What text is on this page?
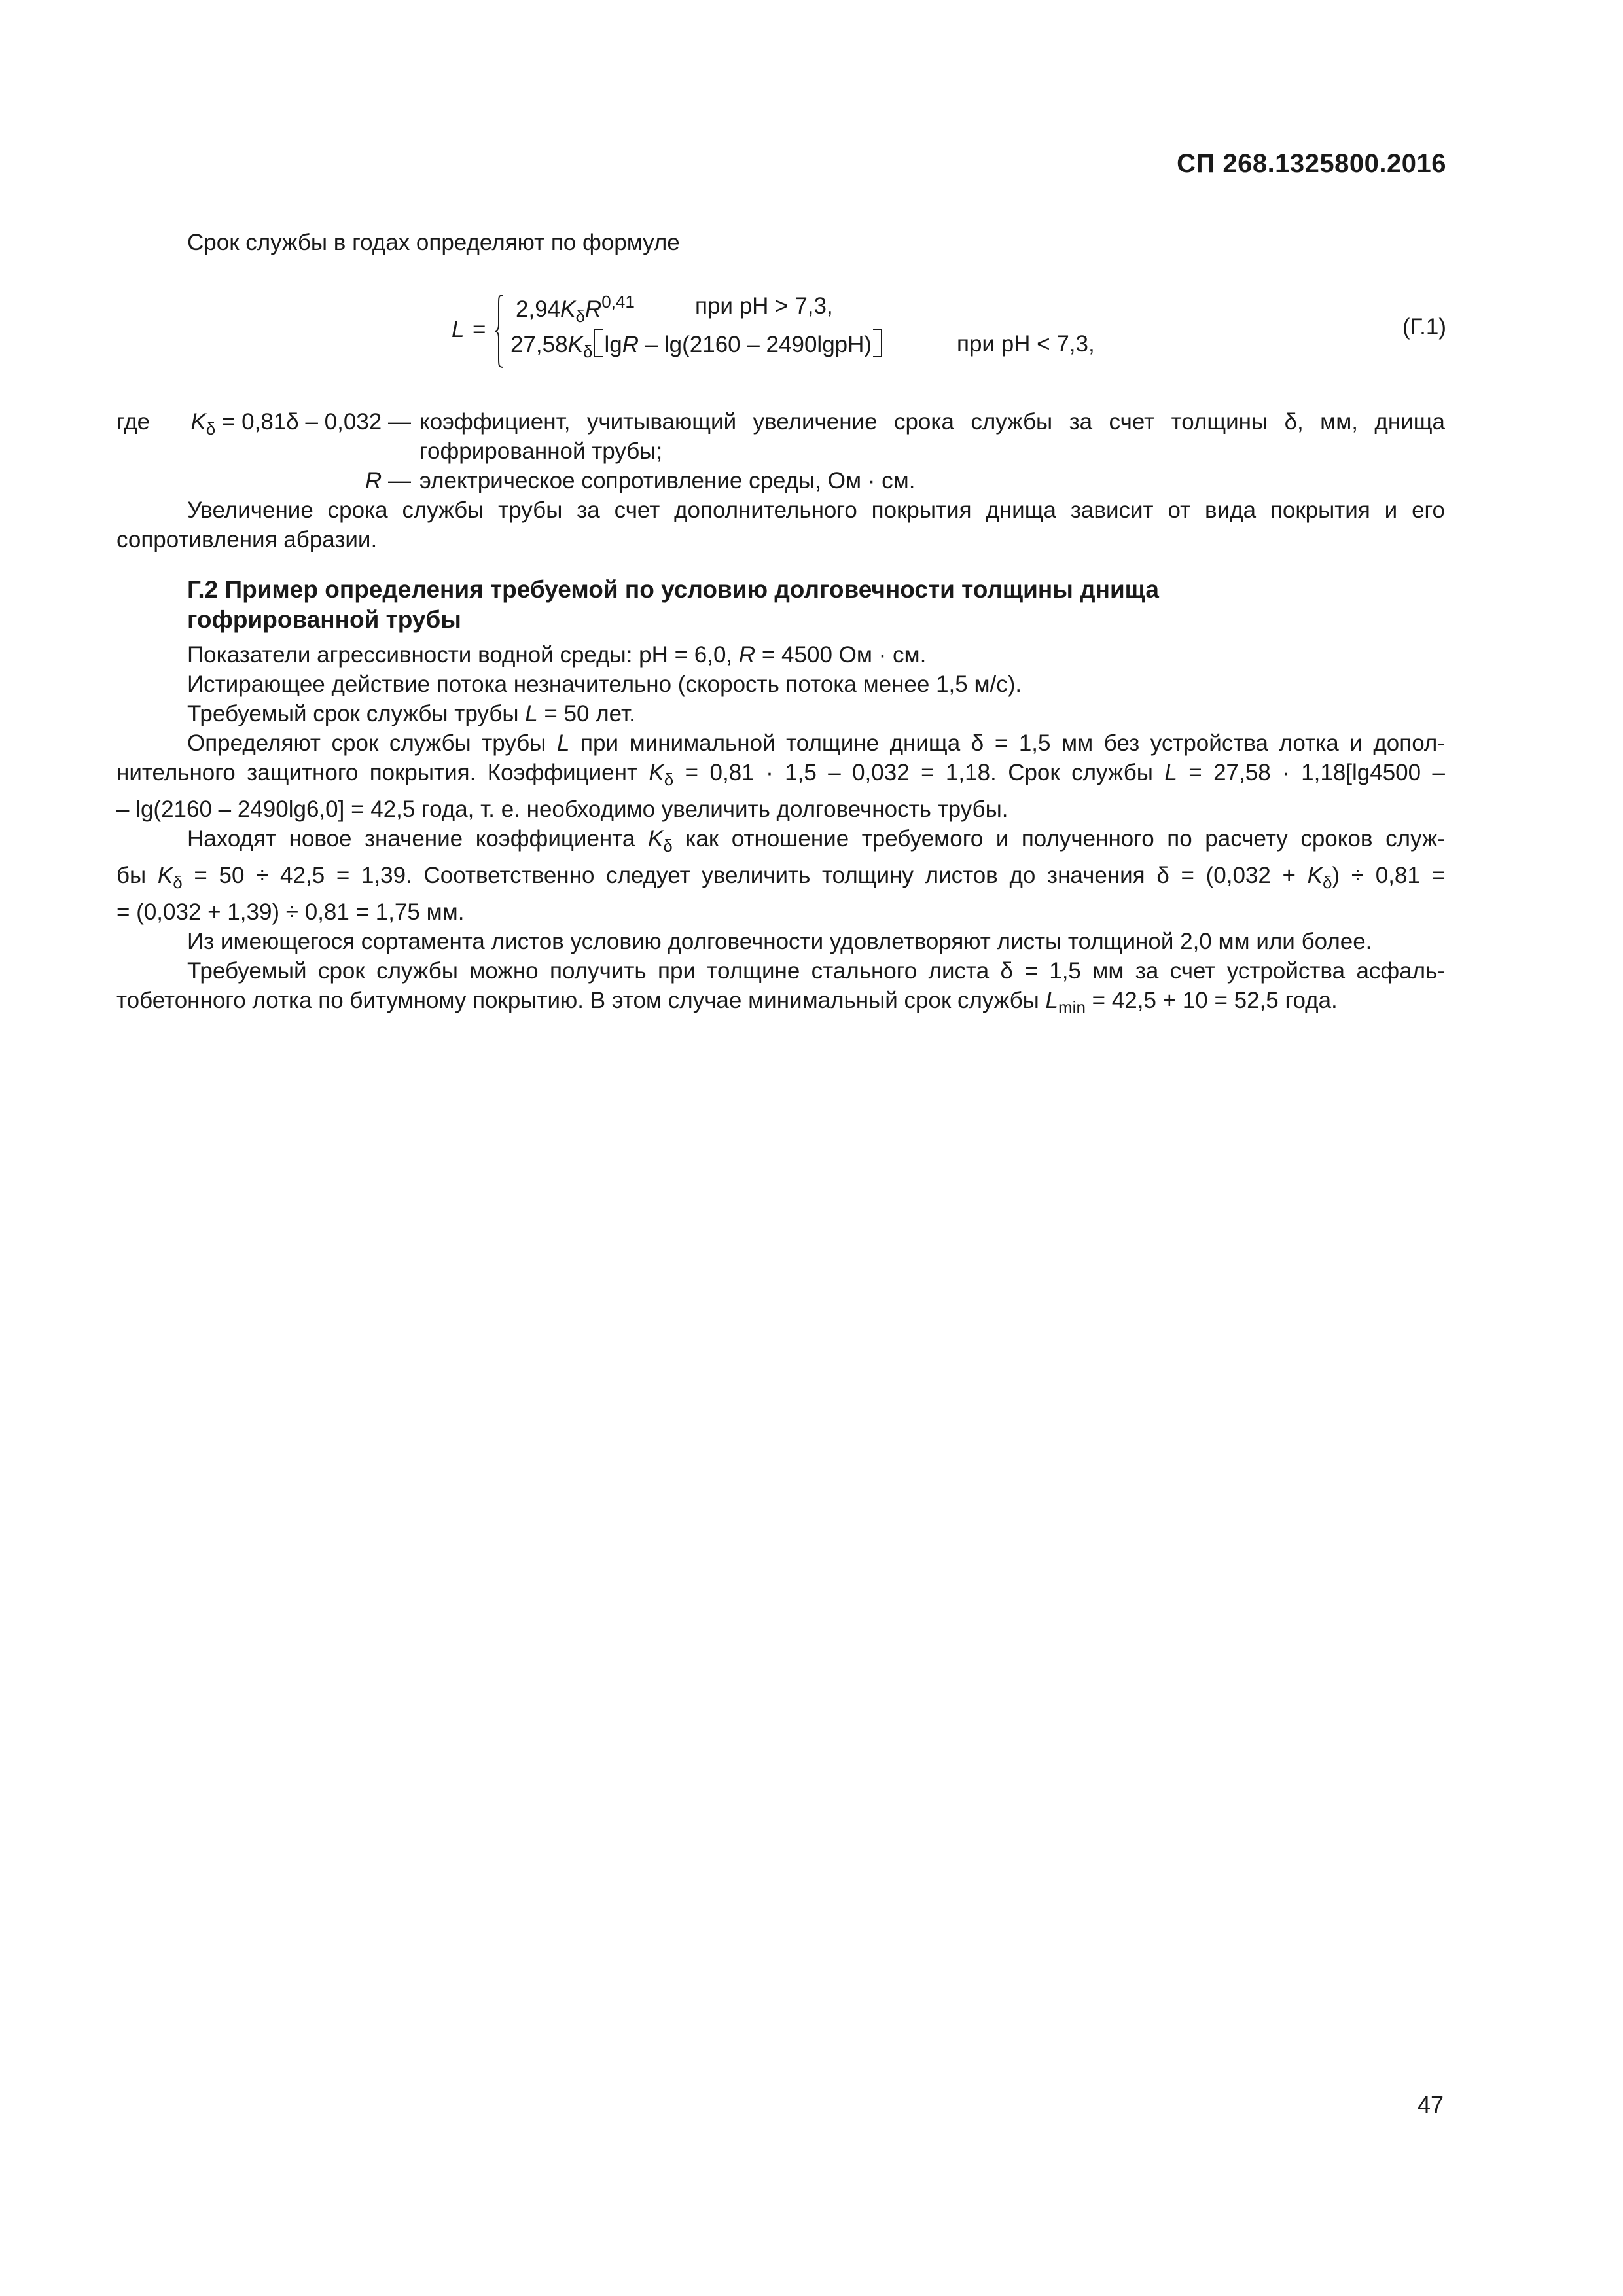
СП 268.1325800.2016

Срок службы в годах определяют по формуле

L =
$2,94K_\delta R^{0,41}$	при pH > 7,3,
$27,58K_\delta$ lgR – lg(2160 – 2490lgpH)	при pH < 7,3,
(Г.1)
где $K_\delta = 0,81\delta - 0,032$ — коэффициент, учитывающий увеличение срока службы за счет толщины δ, мм, днища гофрированной трубы;
R — электрическое сопротивление среды, Ом · см.

Увеличение срока службы трубы за счет дополнительного покрытия днища зависит от вида покрытия и его

сопротивления абразии.
Г.2 Пример определения требуемой по условию долговечности толщины днища
гофрированной трубы

Показатели агрессивности водной среды: pH = 6,0, R = 4500 Ом · см.

Истирающее действие потока незначительно (скорость потока менее 1,5 м/с).

Требуемый срок службы трубы L = 50 лет.

Определяют срок службы трубы L при минимальной толщине днища δ = 1,5 мм без устройства лотка и допол-
нительного защитного покрытия. Коэффициент $K_\delta = 0,81 \cdot 1,5 - 0,032 = 1,18$. Срок службы L = 27,58 · 1,18[lg4500 –
– lg(2160 – 2490lg6,0] = 42,5 года, т. е. необходимо увеличить долговечность трубы.
Находят новое значение коэффициента $K_\delta$ как отношение требуемого и полученного по расчету сроков служ-
бы $K_\delta = 50 \div 42,5 = 1,39$. Соответственно следует увеличить толщину листов до значения $\delta = (0,032 + K_\delta) \div 0,81$ =
= (0,032 + 1,39) ÷ 0,81 = 1,75 мм.

Из имеющегося сортамента листов условию долговечности удовлетворяют листы толщиной 2,0 мм или более.

Требуемый срок службы можно получить при толщине стального листа δ = 1,5 мм за счет устройства асфаль-
тобетонного лотка по битумному покрытию. В этом случае минимальный срок службы $L_{min} = 42,5 + 10 = 52,5$ года.
47
